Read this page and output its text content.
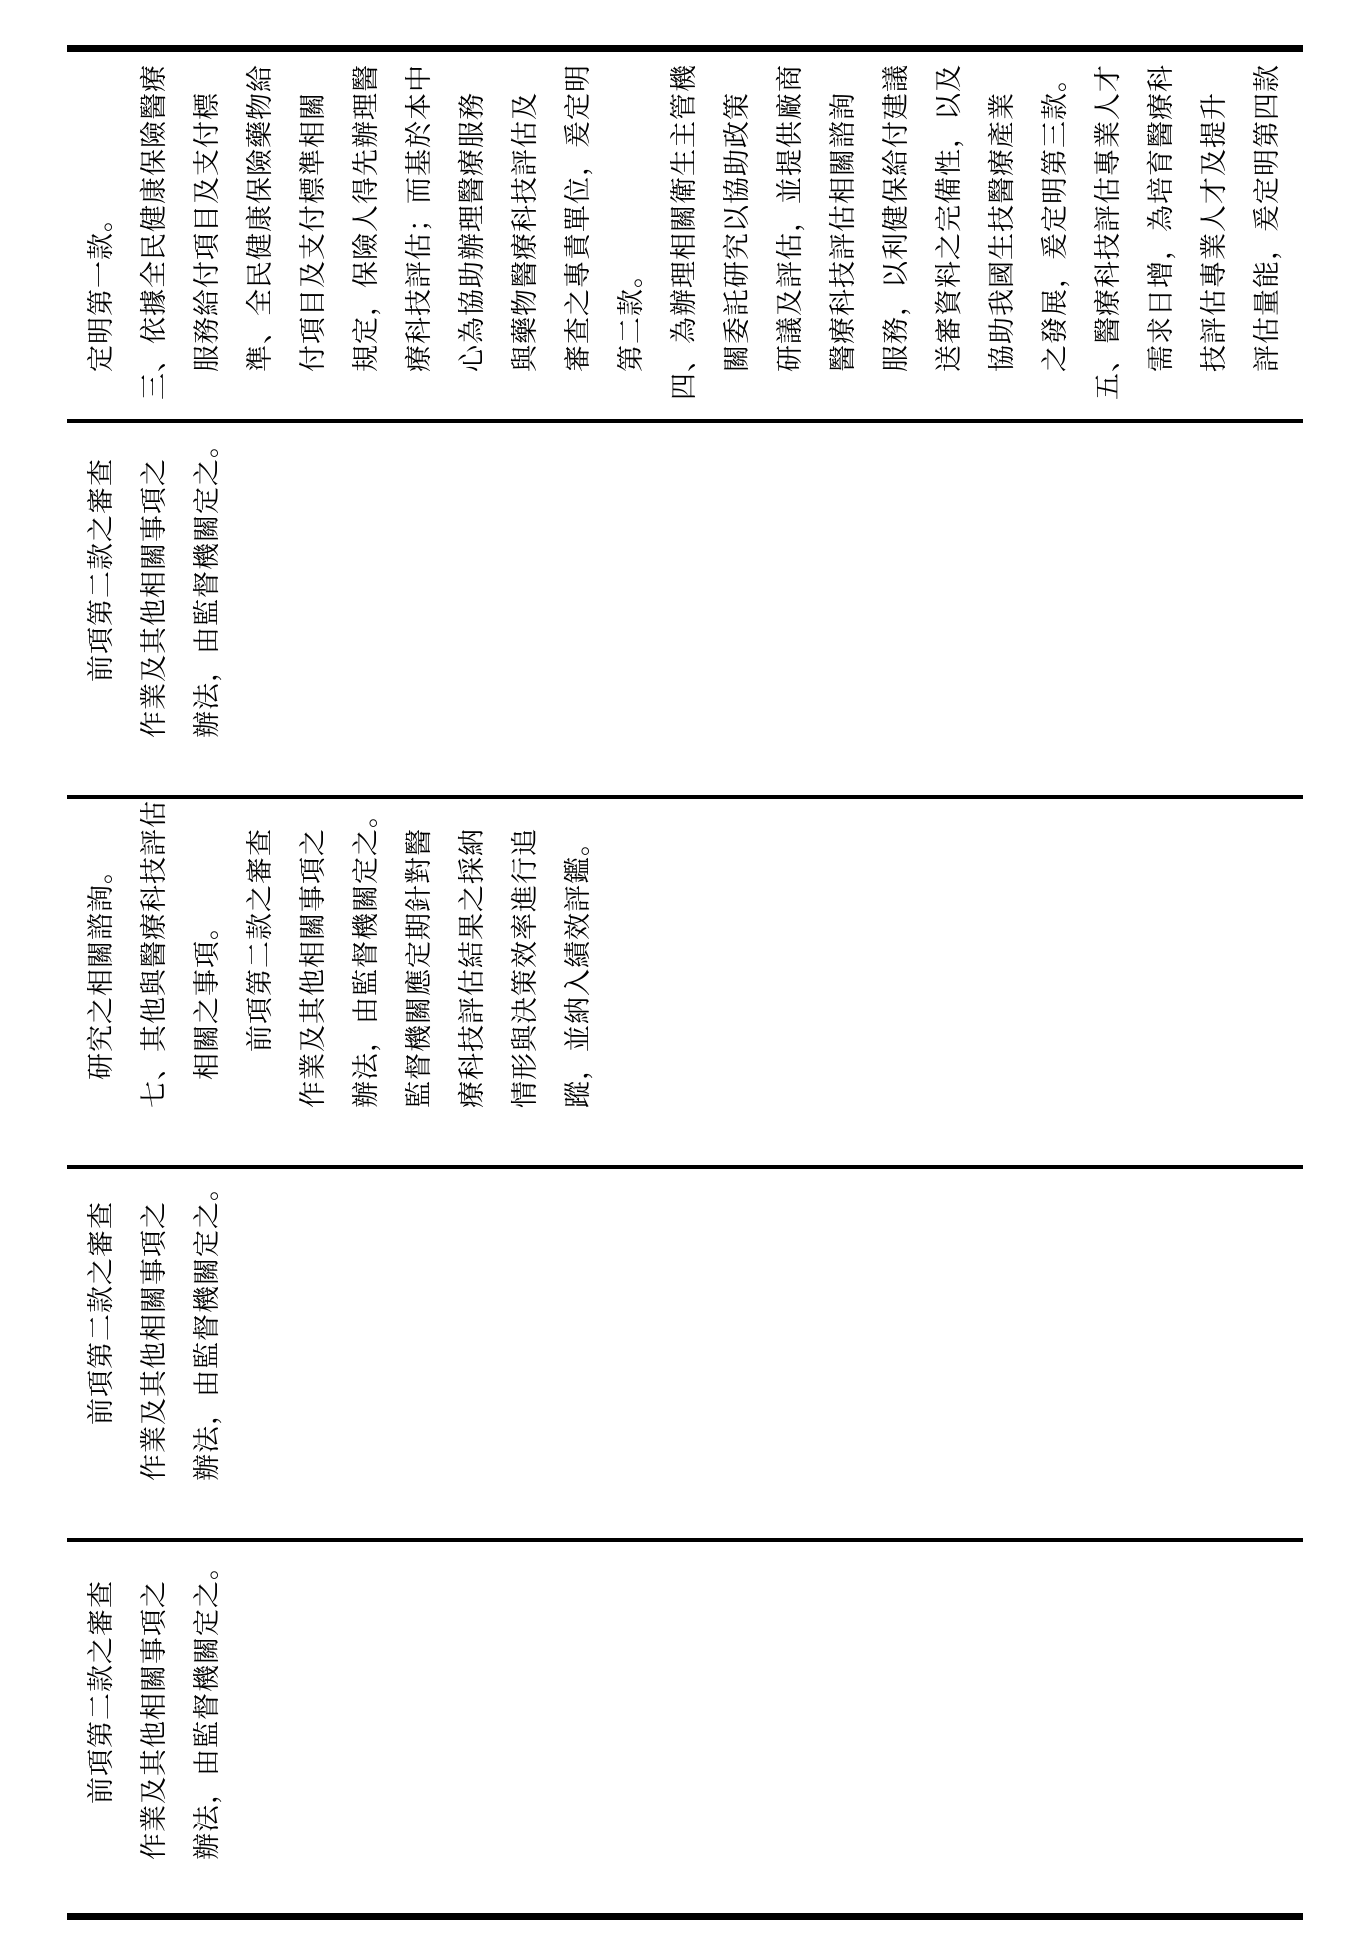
　定明第一款。 三、依據全民健康保險醫療 　服務給付項目及支付標 　準、全民健康保險藥物給 　付項目及支付標準相關 　規定，保險人得先辦理醫 　療科技評估；而基於本中 　心為協助辦理醫療服務 　與藥物醫療科技評估及 　審查之專責單位，爰定明 　第二款。 四、為辦理相關衛生主管機 　關委託研究以協助政策 　研議及評估，並提供廠商 　醫療科技評估相關諮詢 　服務，以利健保給付建議 　送審資料之完備性，以及 　協助我國生技醫療產業 　之發展，爰定明第三款。 五、醫療科技評估專業人才 　需求日增，為培育醫療科 　技評估專業人才及提升 　評估量能，爰定明第四款
　　前項第二款之審查 作業及其他相關事項之 辦法，由監督機關定之。
　研究之相關諮詢。 七、其他與醫療科技評估 　相關之事項。 　　前項第二款之審查 作業及其他相關事項之 辦法，由監督機關定之。 監督機關應定期針對醫 療科技評估結果之採納 情形與決策效率進行追 蹤，並納入績效評鑑。
　　前項第二款之審查 作業及其他相關事項之 辦法，由監督機關定之。
　　前項第二款之審查 作業及其他相關事項之 辦法，由監督機關定之。
